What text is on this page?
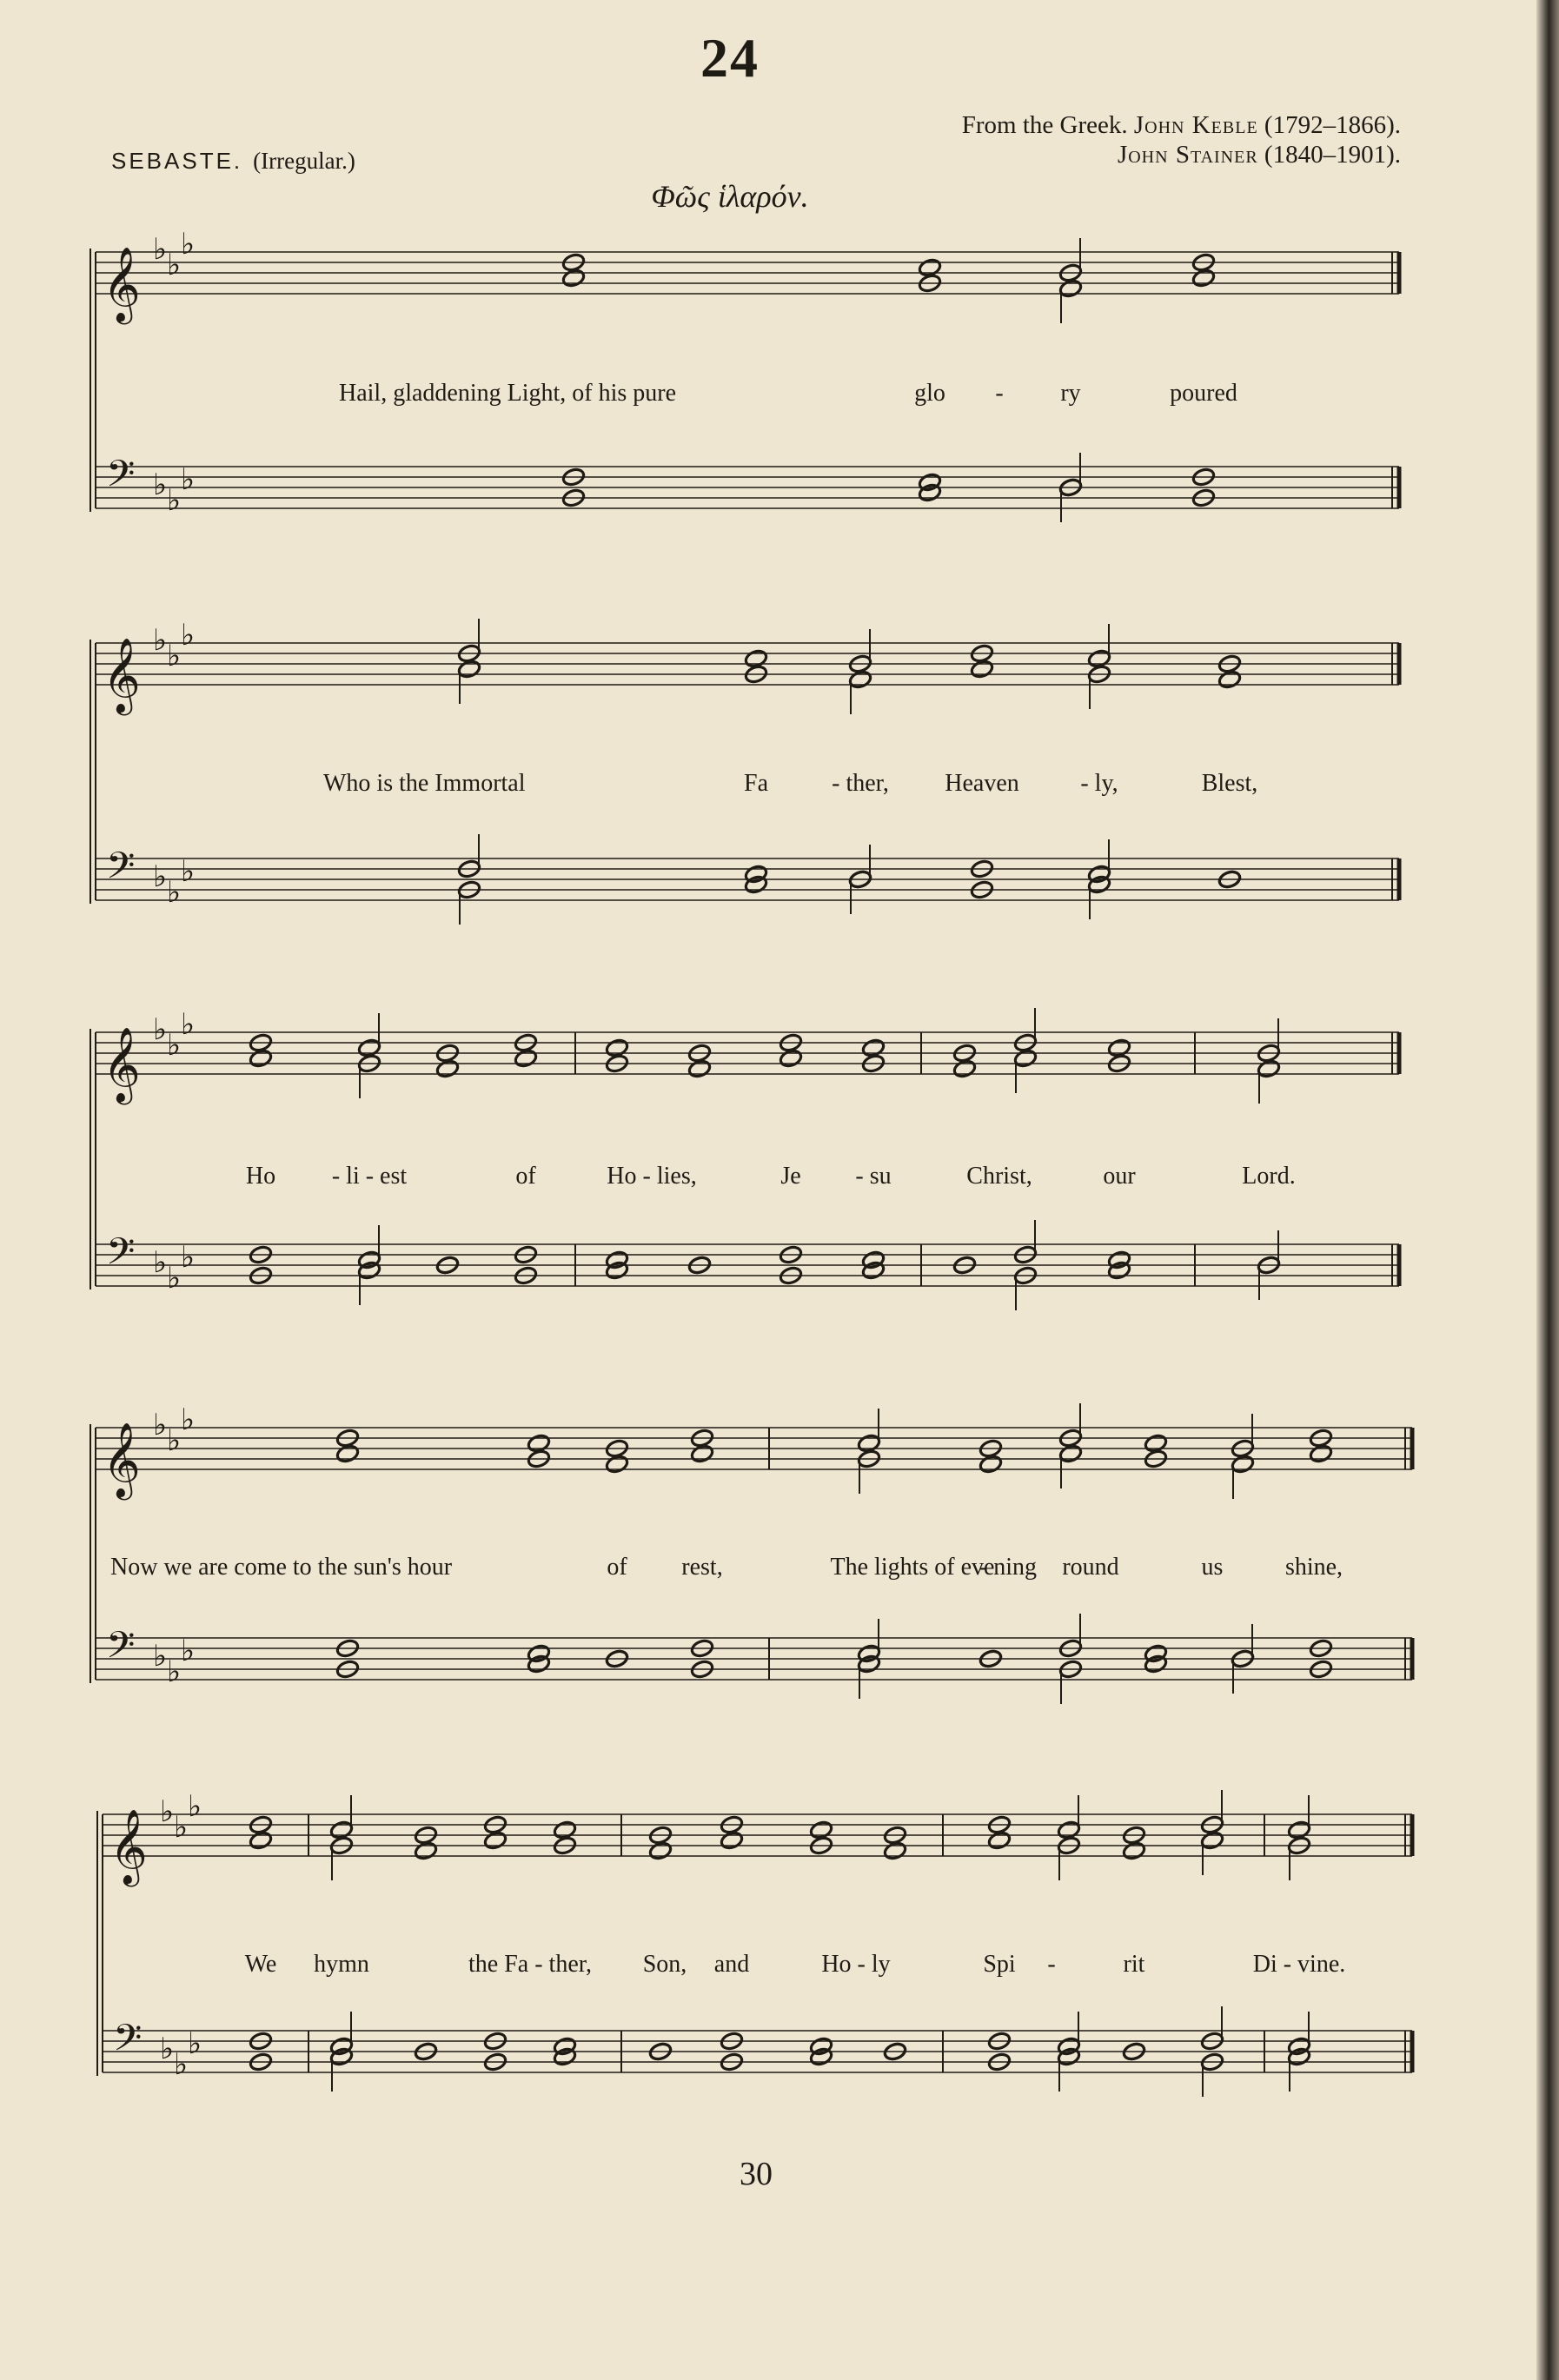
24
From the Greek. John Keble (1792–1866).
John Stainer (1840–1901).
SEBASTE. (Irregular.)
Φῶς ἱλαρόν.
𝄞
𝄢
♭ ♭
♭
♭ ♭
♭
Hail, gladdening Light, of his pure	glo - ry	poured
𝄞
𝄢
♭ ♭
♭
♭ ♭
♭
Who is the Immortal	Fa	- ther, Heaven	- ly,	Blest,
𝄞
𝄢
♭ ♭
♭
♭ ♭
♭
Ho - li - est	of	Ho - lies,	Je - su	Christ,	our	Lord.
𝄞
𝄢
♭ ♭
♭
♭ ♭
♭
Now we are come to the sun's hour	of rest,	The lights of eve
- ning round	us	shine,
𝄞
𝄢
♭ ♭
♭
♭ ♭
♭
We hymn	the Fa - ther, Son, and	Ho - ly	Spi -	rit	Di - vine.
30
